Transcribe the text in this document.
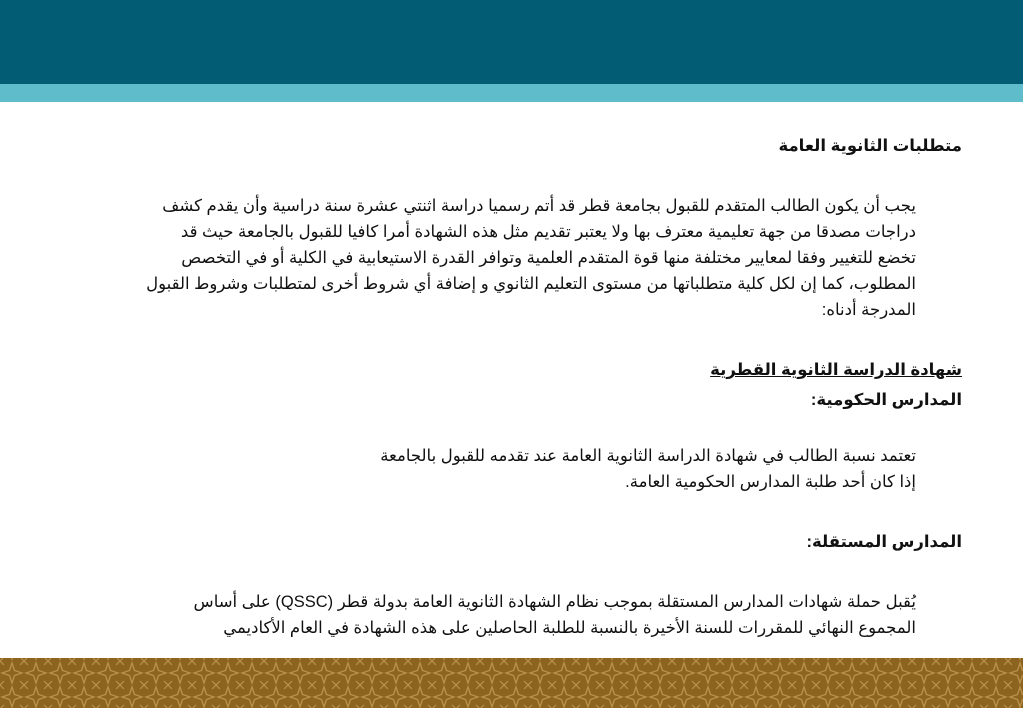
متطلبات الثانوية العامة

يجب أن يكون الطالب المتقدم للقبول بجامعة قطر قد أتم رسميا دراسة اثنتي عشرة سنة دراسية وأن يقدم كشف
دراجات مصدقا من جهة تعليمية معترف بها ولا يعتبر تقديم مثل هذه الشهادة أمرا كافيا للقبول بالجامعة حيث قد
تخضع للتغيير وفقا لمعايير مختلفة منها قوة المتقدم العلمية وتوافر القدرة الاستيعابية في الكلية أو في التخصص
المطلوب، كما إن لكل كلية متطلباتها من مستوى التعليم الثانوي و إضافة أي شروط أخرى لمتطلبات وشروط القبول
المدرجة أدناه:

شهادة الدراسة الثانوية القطرية

المدارس الحكومية:

تعتمد نسبة الطالب في شهادة الدراسة الثانوية العامة عند تقدمه للقبول بالجامعة
إذا كان أحد طلبة المدارس الحكومية العامة.

المدارس المستقلة:

يُقبل حملة شهادات المدارس المستقلة بموجب نظام الشهادة الثانوية العامة بدولة قطر (QSSC) على أساس
المجموع النهائي للمقررات للسنة الأخيرة بالنسبة للطلبة الحاصلين على هذه الشهادة في العام الأكاديمي
